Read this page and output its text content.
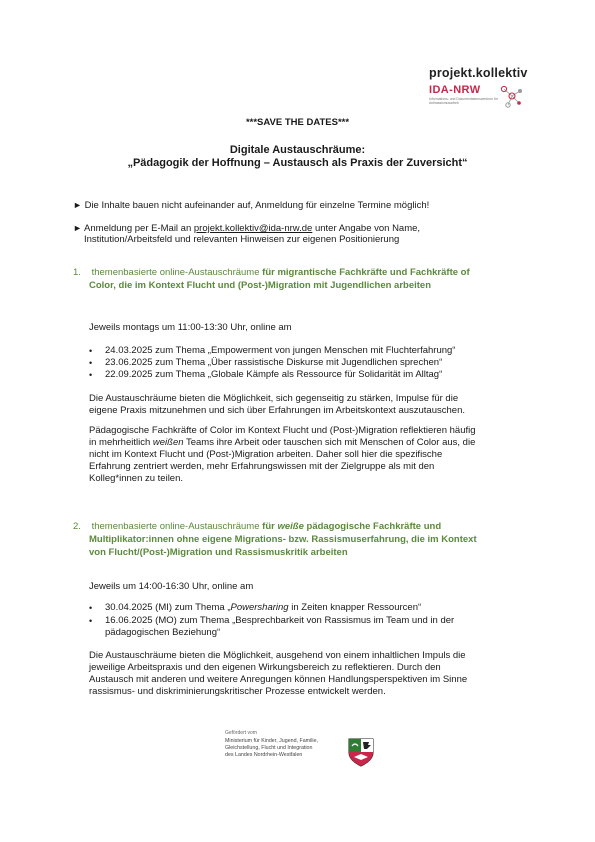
projekt.kollektiv
IDA-NRW
Informations- und Dokumentationszentrum für Antirassismusarbeit
***SAVE THE DATES***
Digitale Austauschräume:
„Pädagogik der Hoffnung – Austausch als Praxis der Zuversicht“
► Die Inhalte bauen nicht aufeinander auf, Anmeldung für einzelne Termine möglich!
► Anmeldung per E-Mail an projekt.kollektiv@ida-nrw.de unter Angabe von Name,
Institution/Arbeitsfeld und relevanten Hinweisen zur eigenen Positionierung
1. themenbasierte online-Austauschräume für migrantische Fachkräfte und Fachkräfte of
Color, die im Kontext Flucht und (Post-)Migration mit Jugendlichen arbeiten
Jeweils montags um 11:00-13:30 Uhr, online am
• 24.03.2025 zum Thema „Empowerment von jungen Menschen mit Fluchterfahrung“
• 23.06.2025 zum Thema „Über rassistische Diskurse mit Jugendlichen sprechen“
• 22.09.2025 zum Thema „Globale Kämpfe als Ressource für Solidarität im Alltag“
Die Austauschräume bieten die Möglichkeit, sich gegenseitig zu stärken, Impulse für die
eigene Praxis mitzunehmen und sich über Erfahrungen im Arbeitskontext auszutauschen.
Pädagogische Fachkräfte of Color im Kontext Flucht und (Post-)Migration reflektieren häufig
in mehrheitlich weißen Teams ihre Arbeit oder tauschen sich mit Menschen of Color aus, die
nicht im Kontext Flucht und (Post-)Migration arbeiten. Daher soll hier die spezifische
Erfahrung zentriert werden, mehr Erfahrungswissen mit der Zielgruppe als mit den
Kolleg*innen zu teilen.
2. themenbasierte online-Austauschräume für weiße pädagogische Fachkräfte und
Multiplikator:innen ohne eigene Migrations- bzw. Rassismuserfahrung, die im Kontext
von Flucht/(Post-)Migration und Rassismuskritik arbeiten
Jeweils um 14:00-16:30 Uhr, online am
• 30.04.2025 (MI) zum Thema „Powersharing in Zeiten knapper Ressourcen“
• 16.06.2025 (MO) zum Thema „Besprechbarkeit von Rassismus im Team und in der
pädagogischen Beziehung“
Die Austauschräume bieten die Möglichkeit, ausgehend von einem inhaltlichen Impuls die
jeweilige Arbeitspraxis und den eigenen Wirkungsbereich zu reflektieren. Durch den
Austausch mit anderen und weitere Anregungen können Handlungsperspektiven im Sinne
rassismus- und diskriminierungskritischer Prozesse entwickelt werden.
Gefördert vom
Ministerium für Kinder, Jugend, Familie,
Gleichstellung, Flucht und Integration
des Landes Nordrhein-Westfalen
